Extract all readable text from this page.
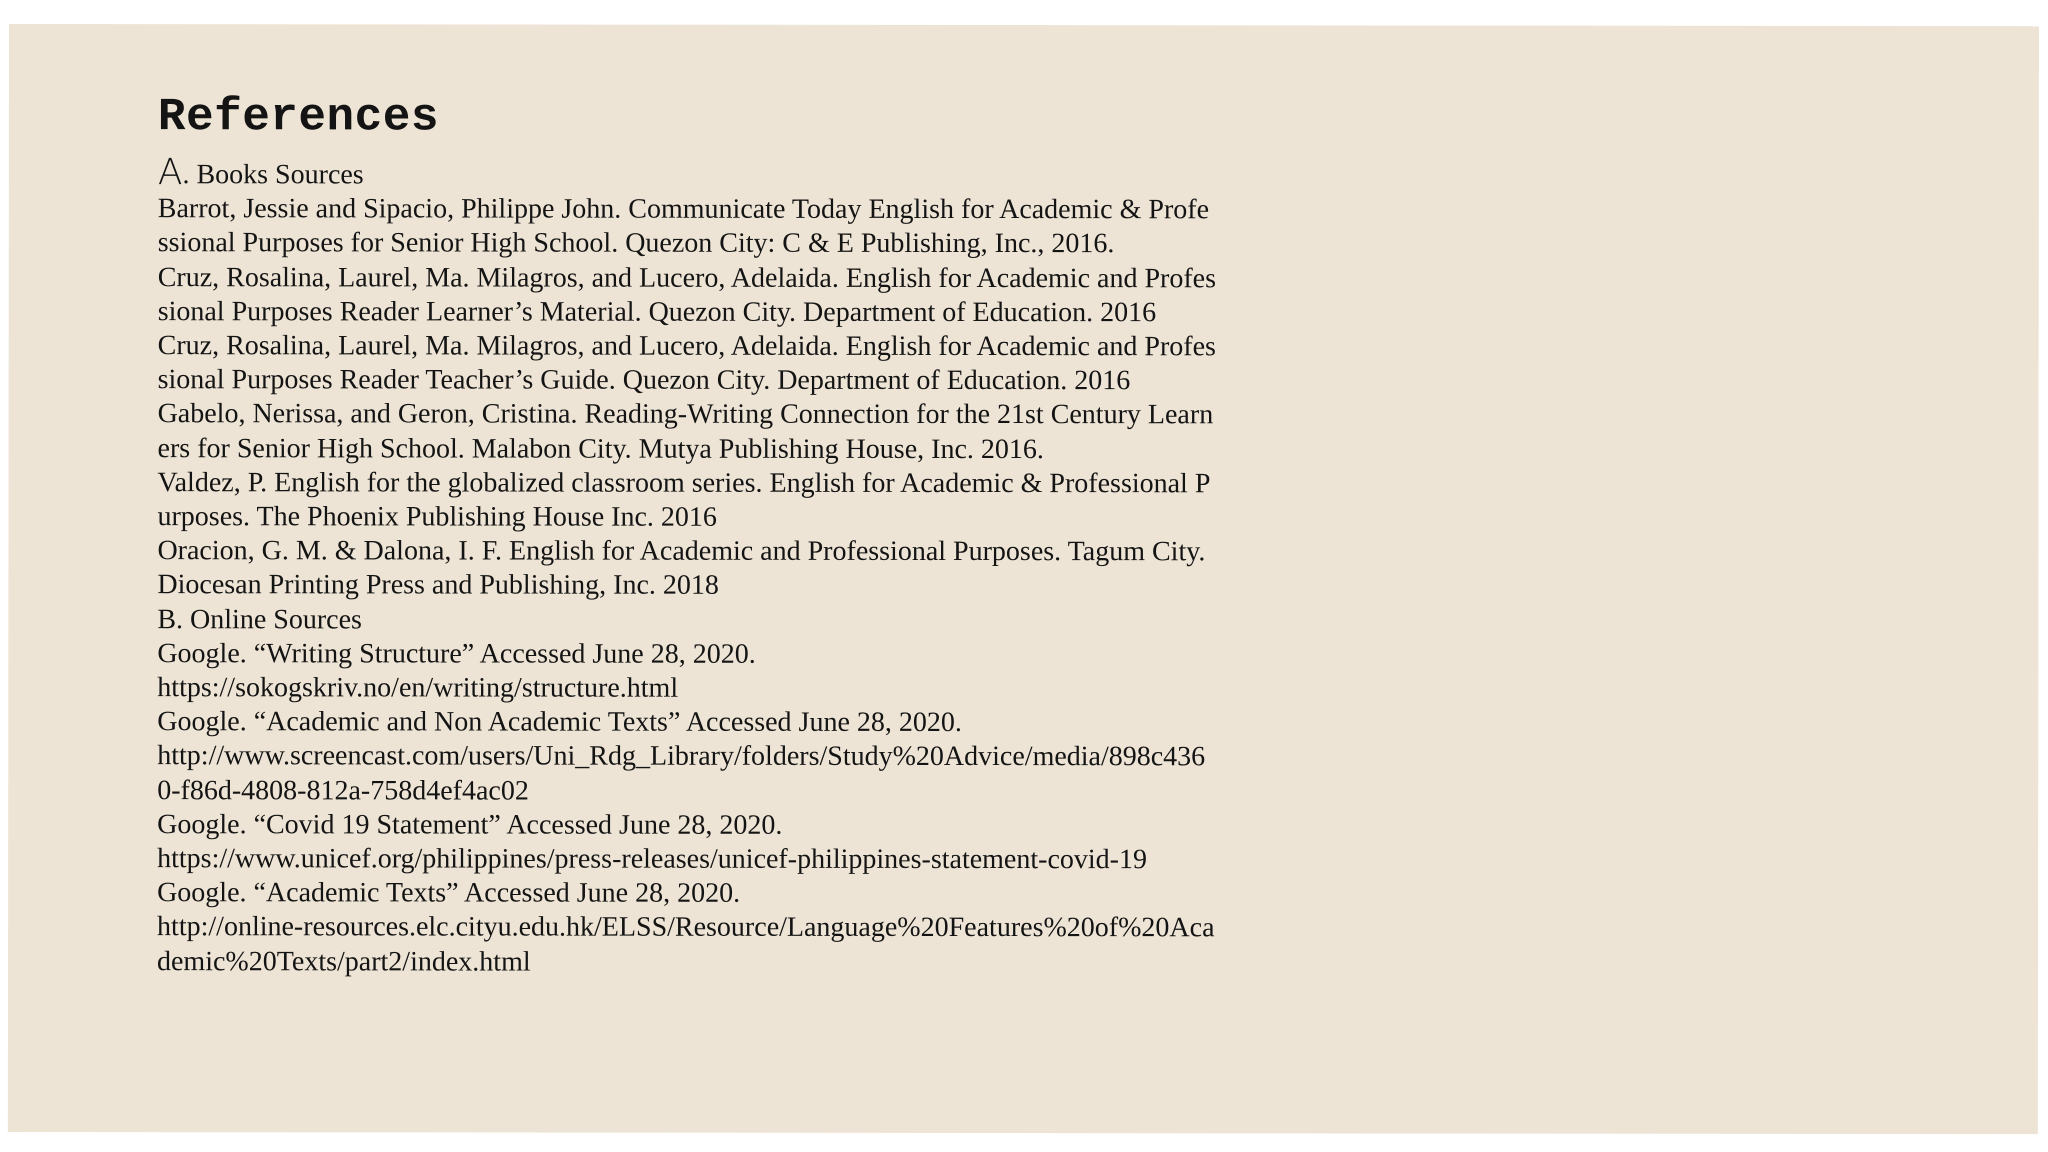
References
A. Books Sources
Barrot, Jessie and Sipacio, Philippe John. Communicate Today English for Academic & Professional Purposes for Senior High School. Quezon City: C & E Publishing, Inc., 2016.
Cruz, Rosalina, Laurel, Ma. Milagros, and Lucero, Adelaida. English for Academic and Professional Purposes Reader Learner’s Material. Quezon City. Department of Education. 2016
Cruz, Rosalina, Laurel, Ma. Milagros, and Lucero, Adelaida. English for Academic and Professional Purposes Reader Teacher’s Guide. Quezon City. Department of Education. 2016
Gabelo, Nerissa, and Geron, Cristina. Reading-Writing Connection for the 21st Century Learners for Senior High School. Malabon City. Mutya Publishing House, Inc. 2016.
Valdez, P. English for the globalized classroom series. English for Academic & Professional Purposes. The Phoenix Publishing House Inc. 2016
Oracion, G. M. & Dalona, I. F. English for Academic and Professional Purposes. Tagum City. Diocesan Printing Press and Publishing, Inc. 2018
B. Online Sources
Google. “Writing Structure” Accessed June 28, 2020.
https://sokogskriv.no/en/writing/structure.html
Google. “Academic and Non Academic Texts” Accessed June 28, 2020.
http://www.screencast.com/users/Uni_Rdg_Library/folders/Study%20Advice/media/898c4360-f86d-4808-812a-758d4ef4ac02
Google. “Covid 19 Statement” Accessed June 28, 2020.
https://www.unicef.org/philippines/press-releases/unicef-philippines-statement-covid-19
Google. “Academic Texts” Accessed June 28, 2020.
http://online-resources.elc.cityu.edu.hk/ELSS/Resource/Language%20Features%20of%20Academic%20Texts/part2/index.html
